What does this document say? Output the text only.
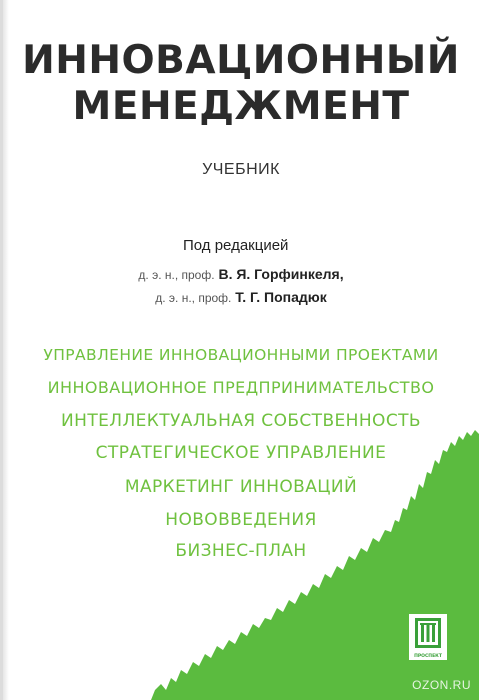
ИННОВАЦИОННЫЙ
МЕНЕДЖМЕНТ
УЧЕБНИК
Под редакцией
д. э. н., проф. В. Я. Горфинкеля,
д. э. н., проф. Т. Г. Попадюк
УПРАВЛЕНИЕ ИННОВАЦИОННЫМИ ПРОЕКТАМИ
ИННОВАЦИОННОЕ ПРЕДПРИНИМАТЕЛЬСТВО
ИНТЕЛЛЕКТУАЛЬНАЯ СОБСТВЕННОСТЬ
СТРАТЕГИЧЕСКОЕ УПРАВЛЕНИЕ
МАРКЕТИНГ ИННОВАЦИЙ
НОВОВВЕДЕНИЯ
БИЗНЕС-ПЛАН
ПРОСПЕКТ
OZON.RU
